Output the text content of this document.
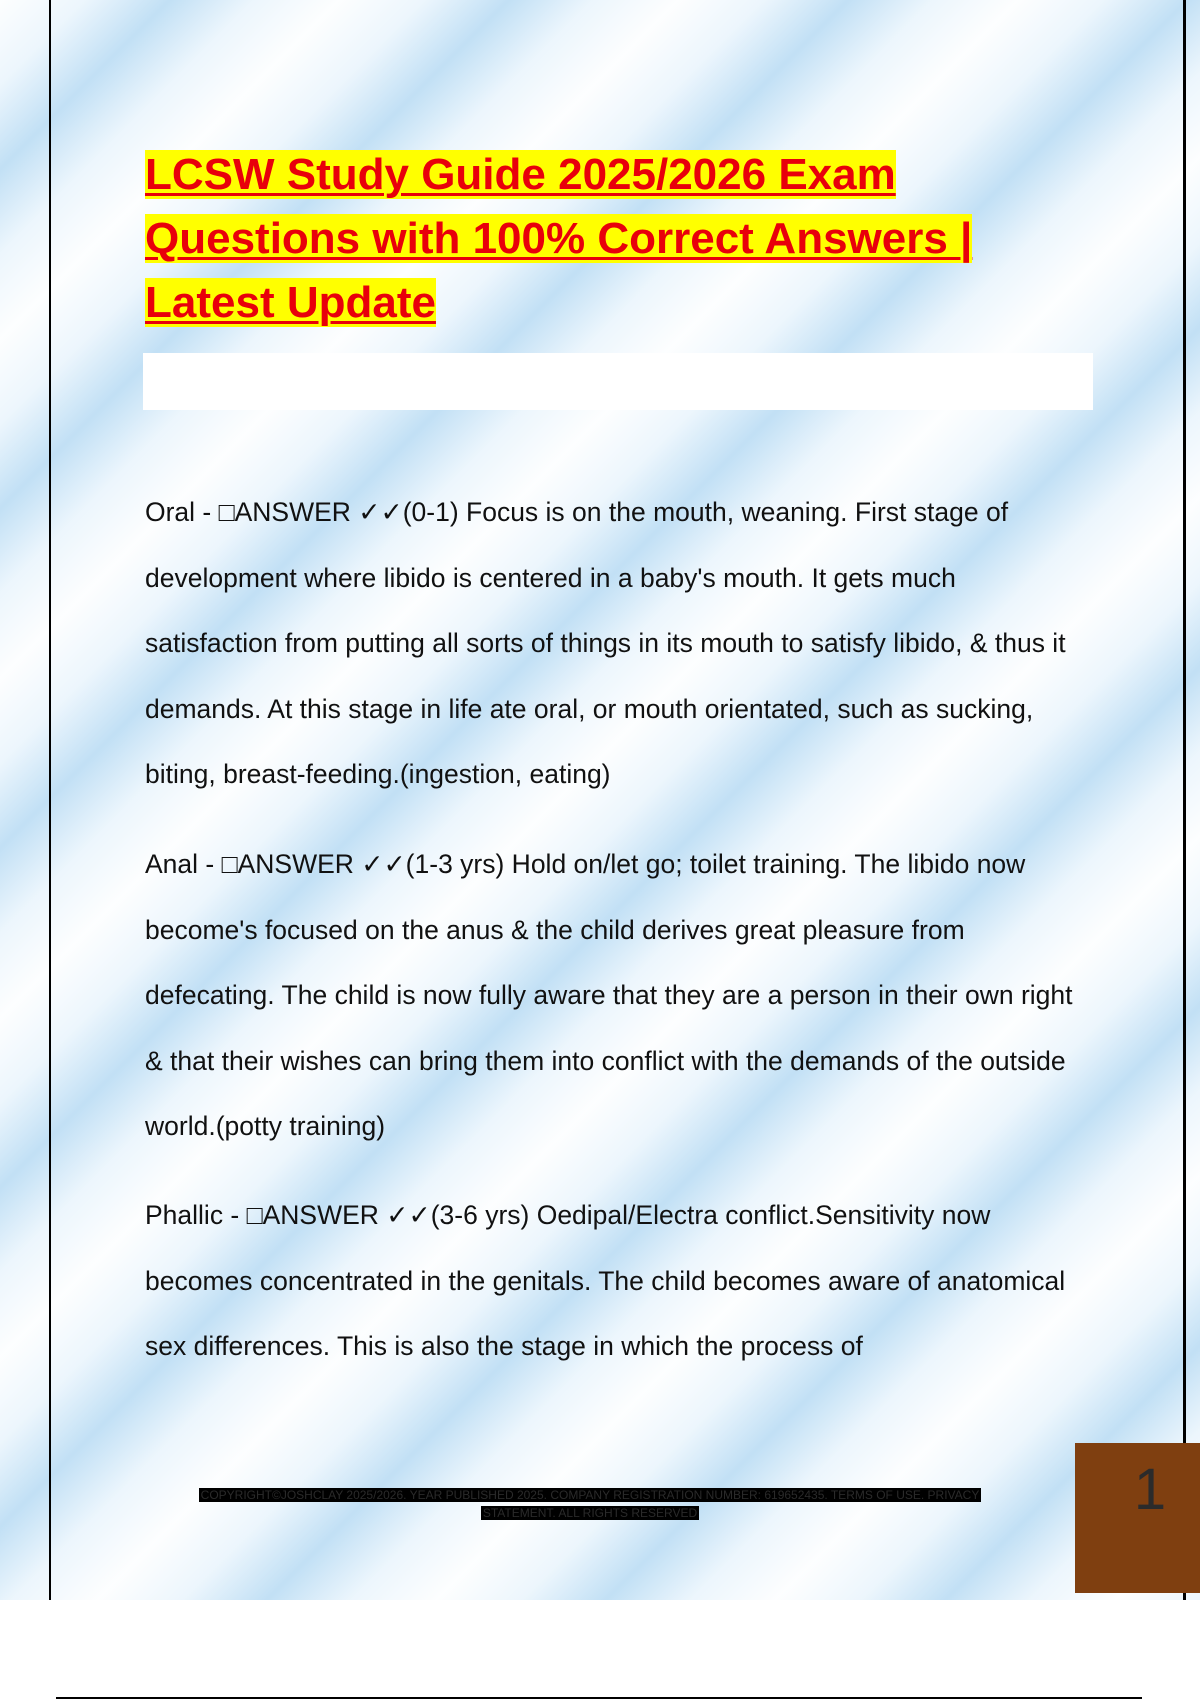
LCSW Study Guide 2025/2026 Exam Questions with 100% Correct Answers | Latest Update

Oral - □ANSWER ✓✓(0-1) Focus is on the mouth, weaning. First stage of development where libido is centered in a baby's mouth. It gets much satisfaction from putting all sorts of things in its mouth to satisfy libido, & thus it demands. At this stage in life ate oral, or mouth orientated, such as sucking, biting, breast-feeding.(ingestion, eating)

Anal - □ANSWER ✓✓(1-3 yrs) Hold on/let go; toilet training. The libido now become's focused on the anus & the child derives great pleasure from defecating. The child is now fully aware that they are a person in their own right & that their wishes can bring them into conflict with the demands of the outside world.(potty training)

Phallic - □ANSWER ✓✓(3-6 yrs) Oedipal/Electra conflict.Sensitivity now becomes concentrated in the genitals. The child becomes aware of anatomical sex differences. This is also the stage in which the process of

COPYRIGHT©JOSHCLAY 2025/2026. YEAR PUBLISHED 2025. COMPANY REGISTRATION NUMBER: 619652435. TERMS OF USE. PRIVACY STATEMENT. ALL RIGHTS RESERVED	1
